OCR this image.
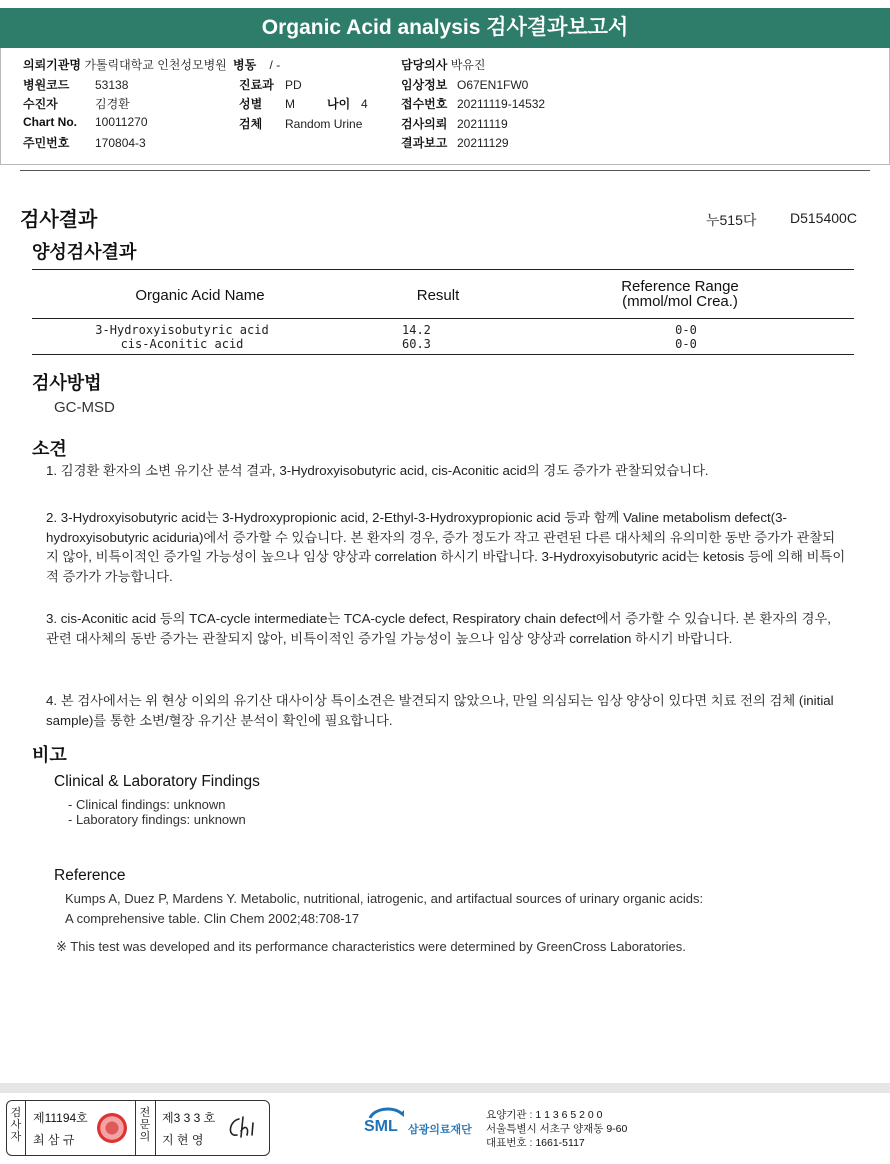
Organic Acid analysis 검사결과보고서
의뢰기관명 가톨릭대학교 인천성모병원 병동 / -	담당의사 박유진
병원코드 53138	진료과 PD	임상정보 O67EN1FW0
수진자	김경환	성별 M	나이 4	접수번호 20211119-14532
Chart No. 10011270	검체 Random Urine	검사의뢰 20211119
주민번호 170804-3	결과보고 20211129
검사결과	누515다 D515400C
양성검사결과
Organic Acid Name	Result
Reference Range
(mmol/mol Crea.)
3-Hydroxyisobutyric acid	14.2	0-0
cis-Aconitic acid	60.3	0-0
검사방법
GC-MSD
소견
1. 김경환 환자의 소변 유기산 분석 결과, 3-Hydroxyisobutyric acid, cis-Aconitic acid의 경도 증가가 관찰되었습니다.
2. 3-Hydroxyisobutyric acid는 3-Hydroxypropionic acid, 2-Ethyl-3-Hydroxypropionic acid 등과 함께 Valine metabolism defect(3-hydroxyisobutyric aciduria)에서 증가할 수 있습니다. 본 환자의 경우, 증가 정도가 작고 관련된 다른 대사체의 유의미한 동반 증가가 관찰되지 않아, 비특이적인 증가일 가능성이 높으나 임상 양상과 correlation 하시기 바랍니다. 3-Hydroxyisobutyric acid는 ketosis 등에 의해 비특이적 증가가 가능합니다.
3. cis-Aconitic acid 등의 TCA-cycle intermediate는 TCA-cycle defect, Respiratory chain defect에서 증가할 수 있습니다. 본 환자의 경우, 관련 대사체의 동반 증가는 관찰되지 않아, 비특이적인 증가일 가능성이 높으나 임상 양상과 correlation 하시기 바랍니다.
4. 본 검사에서는 위 현상 이외의 유기산 대사이상 특이소견은 발견되지 않았으나, 만일 의심되는 임상 양상이 있다면 치료 전의 검체 (initial sample)를 통한 소변/혈장 유기산 분석이 확인에 필요합니다.
비고
Clinical & Laboratory Findings
- Clinical findings: unknown
- Laboratory findings: unknown
Reference
Kumps A, Duez P, Mardens Y. Metabolic, nutritional, iatrogenic, and artifactual sources of urinary organic acids:
A comprehensive table. Clin Chem 2002;48:708-17
※ This test was developed and its performance characteristics were determined by GreenCross Laboratories.
검
사
자
제11194호
최 삼 규
전
문
의
제3 3 3 호
지 현 영
SML 삼광의료재단
요양기관 : 1 1 3 6 5 2 0 0
서울특별시 서초구 양재동 9-60
대표번호 : 1661-5117
